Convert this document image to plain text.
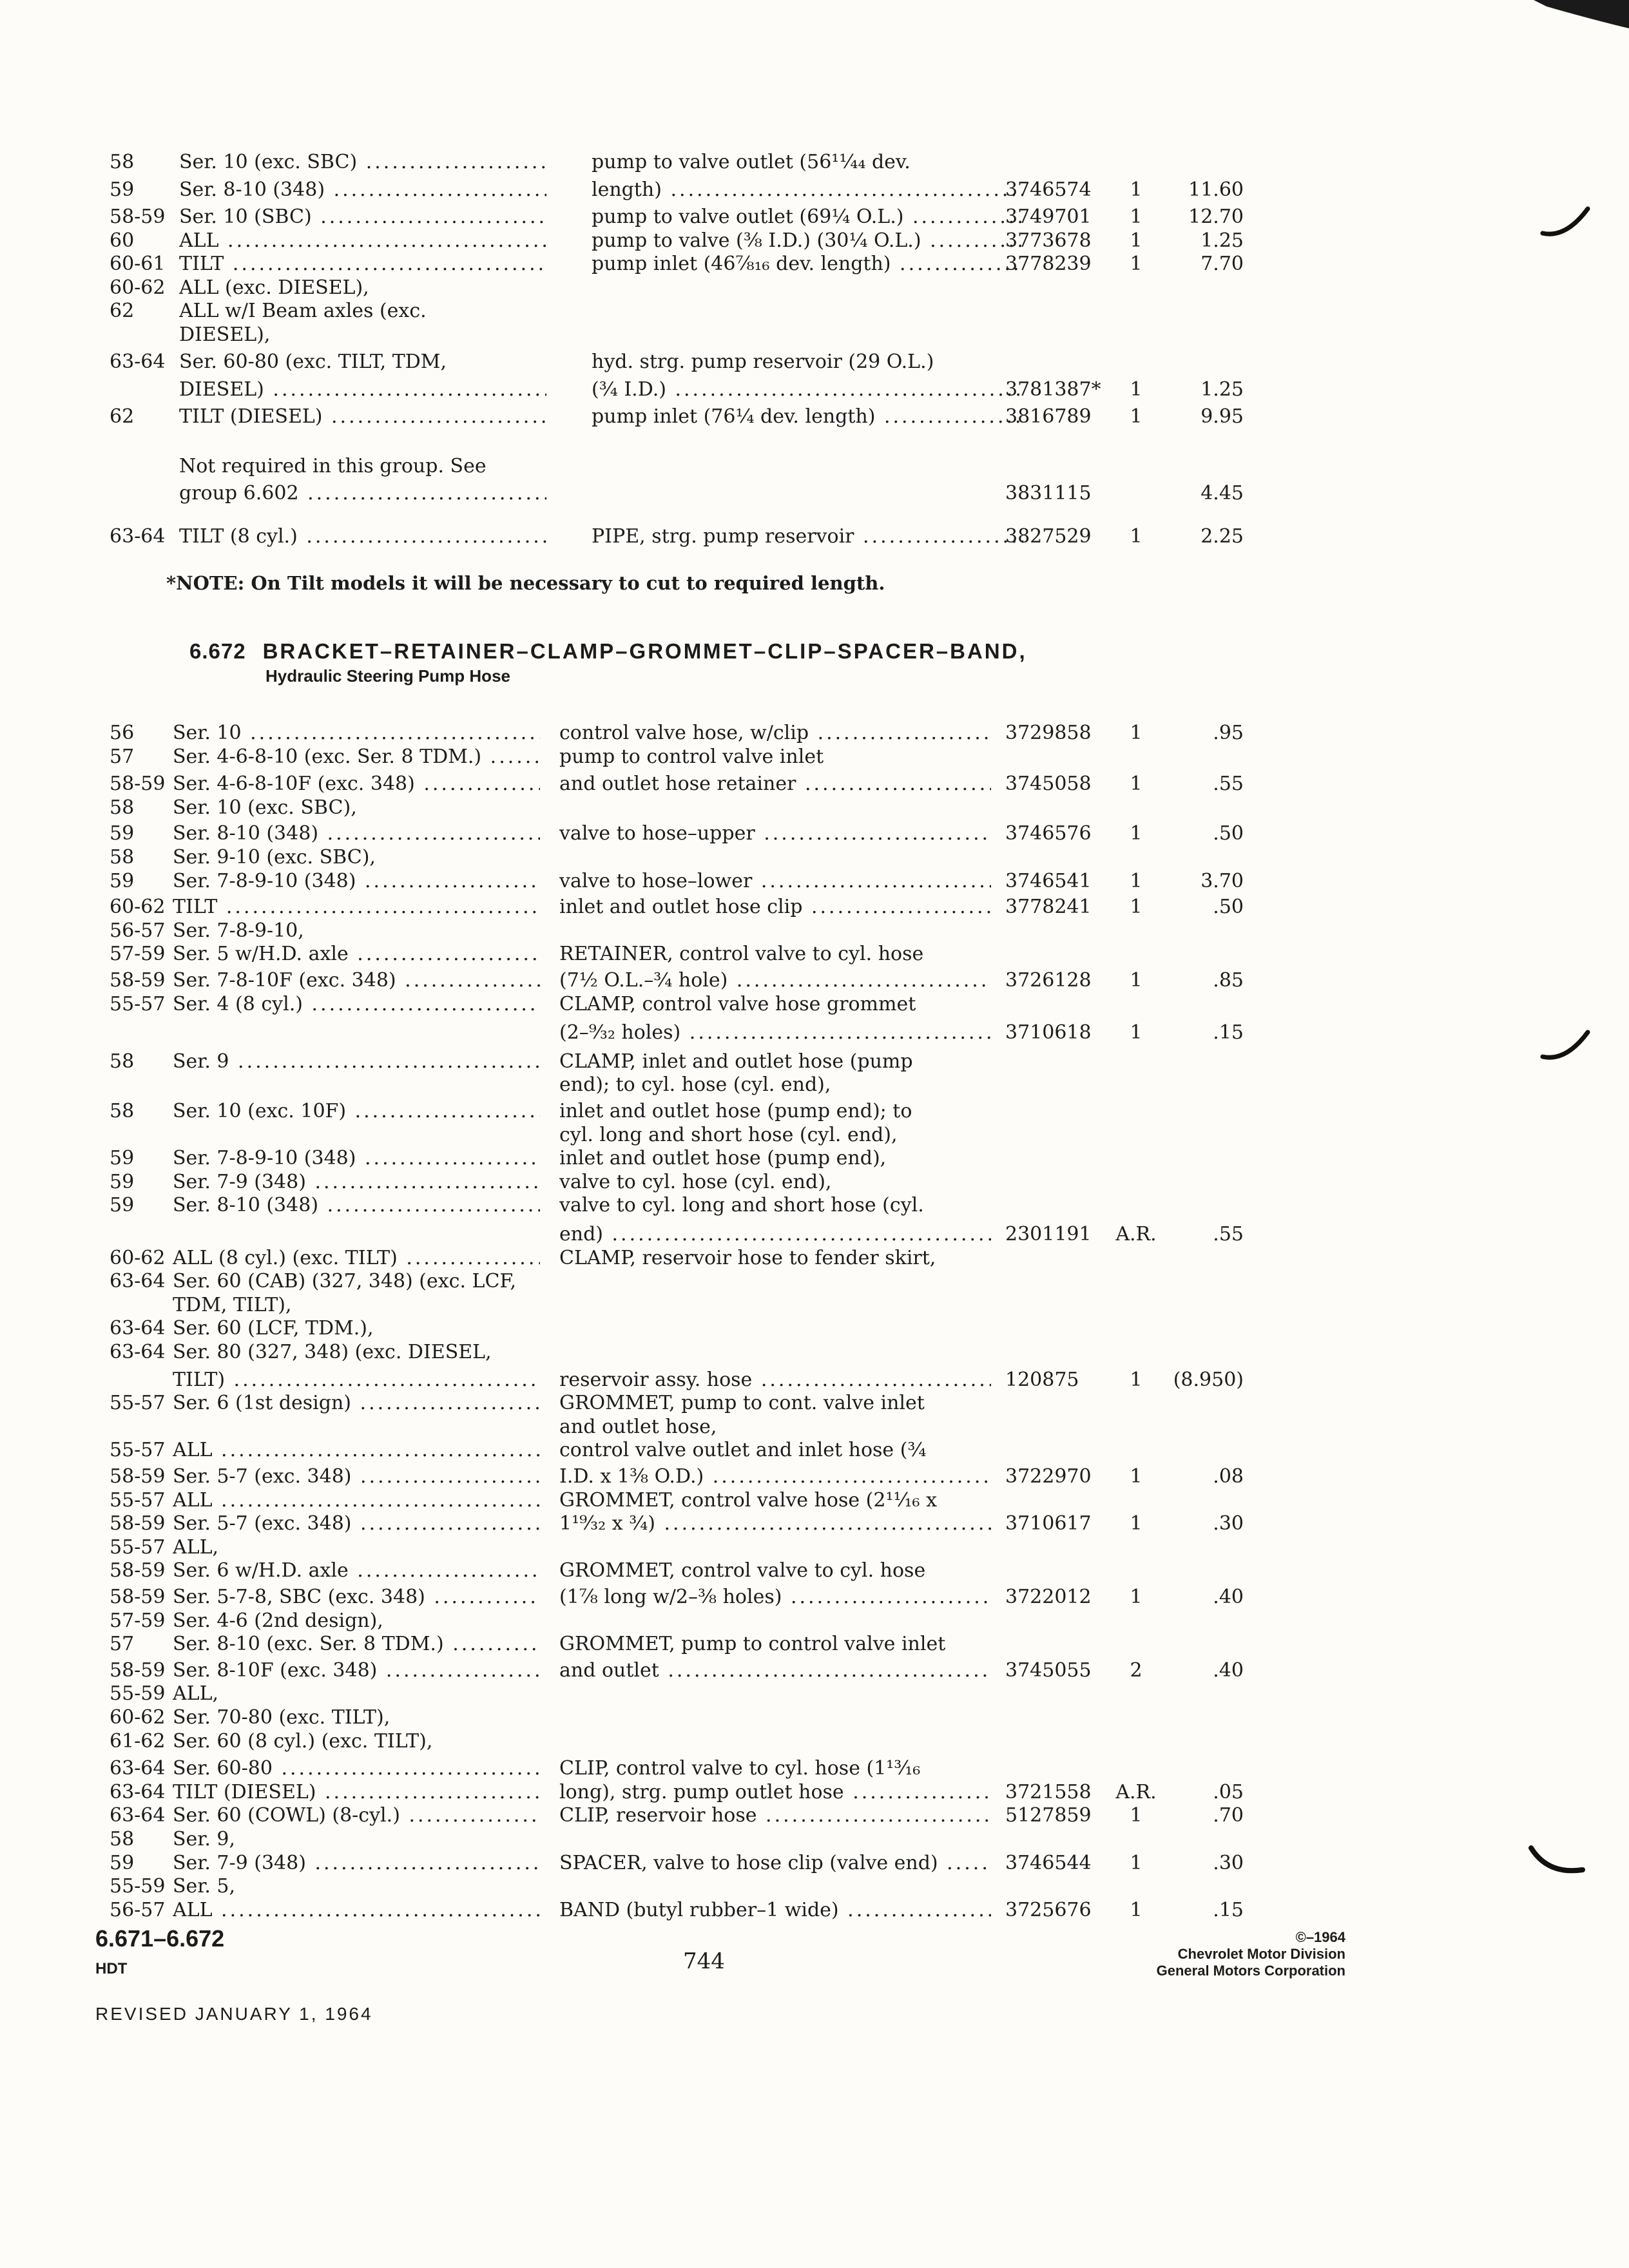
58	Ser. 10 (exc. SBC) .....	pump to valve outlet (56¹¹⁄₄₄ dev.
59	Ser. 8-10 (348) .....	length) .....	3746574	1	11.60
58-59 Ser. 10 (SBC) .....	pump to valve outlet (69¼ O.L.) .....	3749701	1	12.70
60	ALL .....	pump to valve (⅜ I.D.) (30¼ O.L.) .....	3773678	1	1.25
60-61 TILT .....	pump inlet (46⅞₁₆ dev. length) .....	3778239	1	7.70
60-62 ALL (exc. DIESEL),
62	ALL w/I Beam axles (exc.
DIESEL),
63-64 Ser. 60-80 (exc. TILT, TDM,	hyd. strg. pump reservoir (29 O.L.)
DIESEL) .....	(¾ I.D.) .....	3781387*	1	1.25
62	TILT (DIESEL) .....	pump inlet (76¼ dev. length) .....	3816789	1	9.95
Not required in this group. See
group 6.602 .....	3831115	4.45
63-64 TILT (8 cyl.) .....	PIPE, strg. pump reservoir .....	3827529	1	2.25
*NOTE: On Tilt models it will be necessary to cut to required length.
6.672 BRACKET–RETAINER–CLAMP–GROMMET–CLIP–SPACER–BAND,
Hydraulic Steering Pump Hose
56	Ser. 10 .....	control valve hose, w/clip .....	3729858	1	.95
57	Ser. 4-6-8-10 (exc. Ser. 8 TDM.) .....	pump to control valve inlet
58-59 Ser. 4-6-8-10F (exc. 348) .....	and outlet hose retainer .....	3745058	1	.55
58	Ser. 10 (exc. SBC),
59	Ser. 8-10 (348) .....	valve to hose–upper .....	3746576	1	.50
58	Ser. 9-10 (exc. SBC),
59	Ser. 7-8-9-10 (348) .....	valve to hose–lower .....	3746541	1	3.70
60-62 TILT .....	inlet and outlet hose clip .....	3778241	1	.50
56-57 Ser. 7-8-9-10,
57-59 Ser. 5 w/H.D. axle .....	RETAINER, control valve to cyl. hose
58-59 Ser. 7-8-10F (exc. 348) .....	(7½ O.L.–¾ hole) .....	3726128	1	.85
55-57 Ser. 4 (8 cyl.) .....	CLAMP, control valve hose grommet
(2–⁹⁄₃₂ holes) .....	3710618	1	.15
58	Ser. 9 .....	CLAMP, inlet and outlet hose (pump
end); to cyl. hose (cyl. end),
58	Ser. 10 (exc. 10F) .....	inlet and outlet hose (pump end); to
cyl. long and short hose (cyl. end),
59	Ser. 7-8-9-10 (348) .....	inlet and outlet hose (pump end),
59	Ser. 7-9 (348) .....	valve to cyl. hose (cyl. end),
59	Ser. 8-10 (348) .....	valve to cyl. long and short hose (cyl.
end) .....	2301191	A.R.	.55
60-62 ALL (8 cyl.) (exc. TILT) .....	CLAMP, reservoir hose to fender skirt,
63-64 Ser. 60 (CAB) (327, 348) (exc. LCF,
TDM, TILT),
63-64 Ser. 60 (LCF, TDM.),
63-64 Ser. 80 (327, 348) (exc. DIESEL,
TILT) .....	reservoir assy. hose .....	120875	1	(8.950)
55-57 Ser. 6 (1st design) .....	GROMMET, pump to cont. valve inlet
and outlet hose,
55-57 ALL .....	control valve outlet and inlet hose (¾
58-59 Ser. 5-7 (exc. 348) .....	I.D. x 1⅜ O.D.) .....	3722970	1	.08
55-57 ALL .....	GROMMET, control valve hose (2¹¹⁄₁₆ x
58-59 Ser. 5-7 (exc. 348) .....	1¹⁹⁄₃₂ x ¾) .....	3710617	1	.30
55-57 ALL,
58-59 Ser. 6 w/H.D. axle .....	GROMMET, control valve to cyl. hose
58-59 Ser. 5-7-8, SBC (exc. 348) .....	(1⅞ long w/2–⅜ holes) .....	3722012	1	.40
57-59 Ser. 4-6 (2nd design),
57	Ser. 8-10 (exc. Ser. 8 TDM.) .....	GROMMET, pump to control valve inlet
58-59 Ser. 8-10F (exc. 348) .....	and outlet .....	3745055	2	.40
55-59 ALL,
60-62 Ser. 70-80 (exc. TILT),
61-62 Ser. 60 (8 cyl.) (exc. TILT),
63-64 Ser. 60-80 .....	CLIP, control valve to cyl. hose (1¹³⁄₁₆
63-64 TILT (DIESEL) .....	long), strg. pump outlet hose .....	3721558	A.R.	.05
63-64 Ser. 60 (COWL) (8-cyl.) .....	CLIP, reservoir hose .....	5127859	1	.70
58	Ser. 9,
59	Ser. 7-9 (348) .....	SPACER, valve to hose clip (valve end) .....	3746544	1	.30
55-59 Ser. 5,
56-57 ALL .....	BAND (butyl rubber–1 wide) .....	3725676	1	.15
6.671–6.672
HDT	744
©–1964
Chevrolet Motor Division
General Motors Corporation
REVISED JANUARY 1, 1964
